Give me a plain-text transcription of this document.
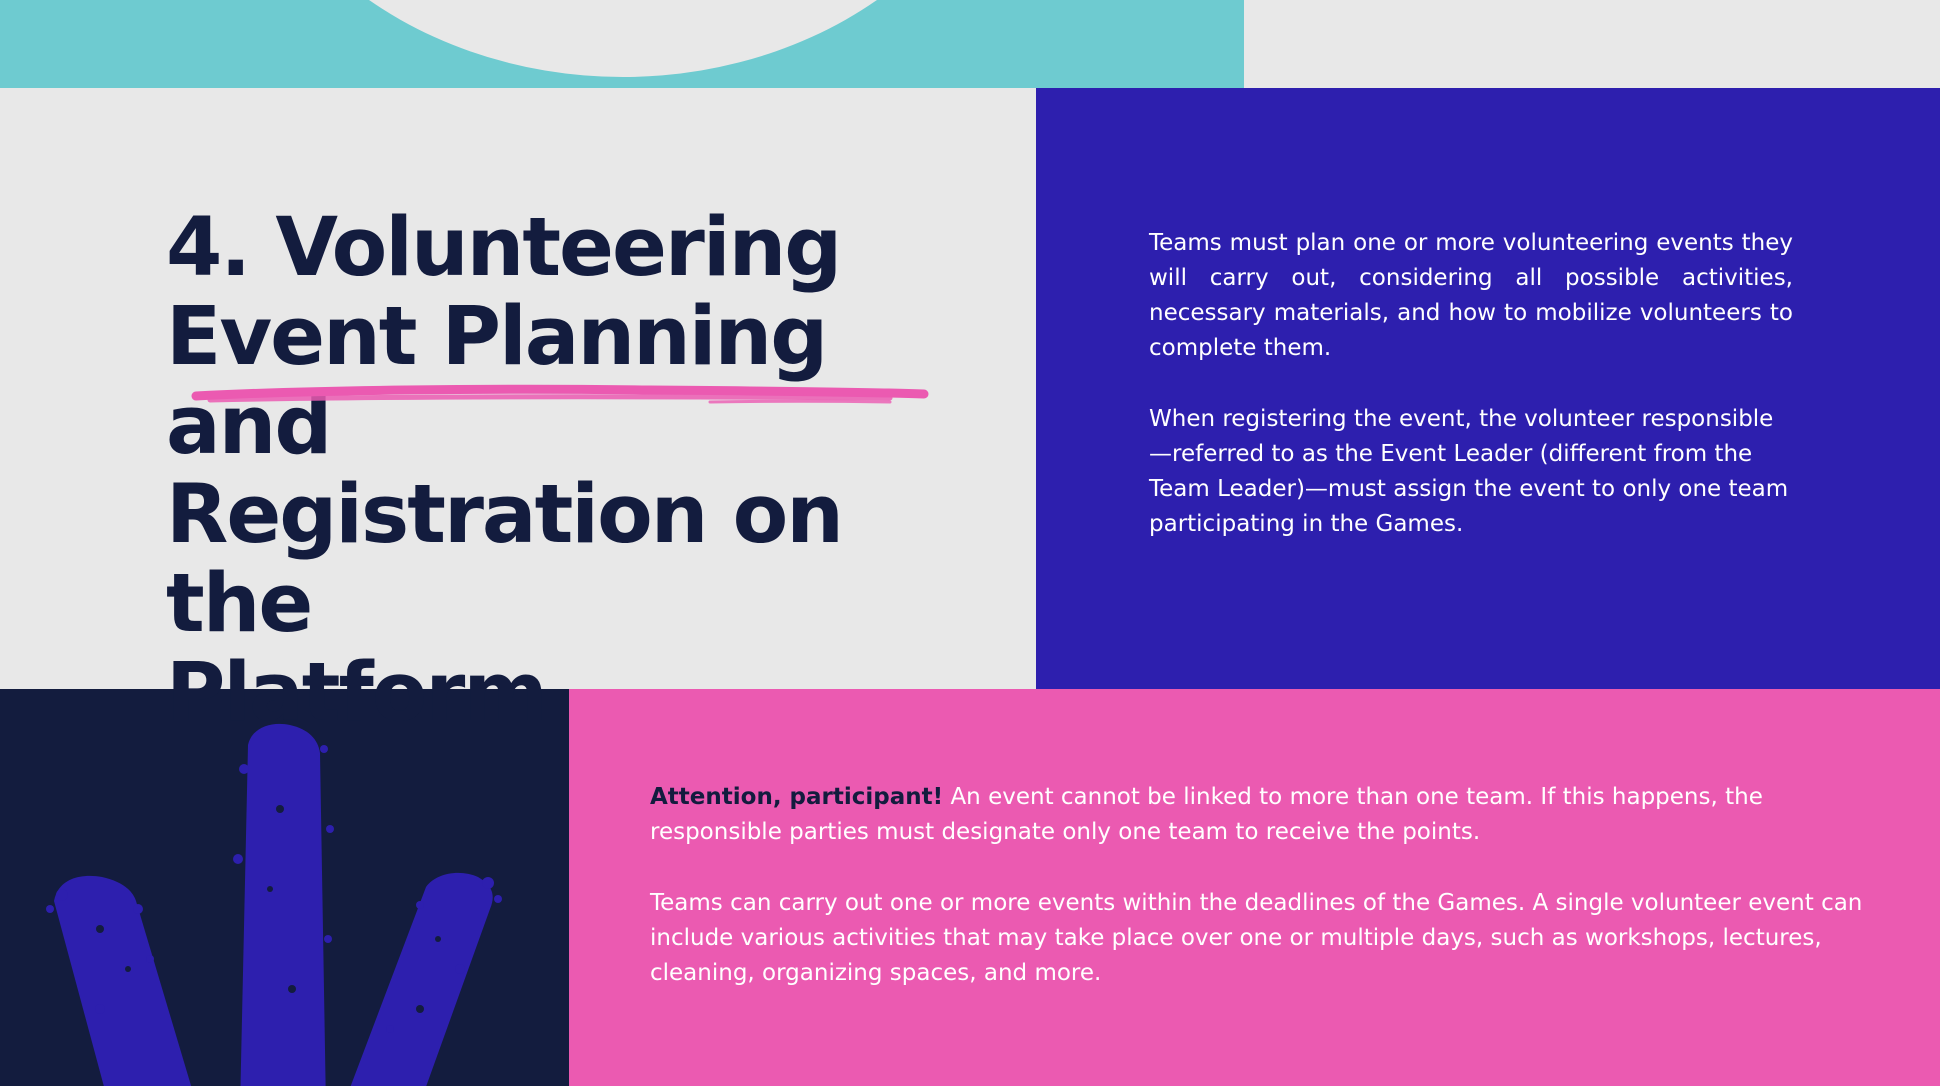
4. Volunteering
Event Planning and
Registration on the
Platform

Teams must plan one or more volunteering events they will carry out, considering all possible activities, necessary materials, and how to mobilize volunteers to complete them.

When registering the event, the volunteer responsible—referred to as the Event Leader (different from the Team Leader)—must assign the event to only one team participating in the Games.

Attention, participant! An event cannot be linked to more than one team. If this happens, the responsible parties must designate only one team to receive the points.

Teams can carry out one or more events within the deadlines of the Games. A single volunteer event can include various activities that may take place over one or multiple days, such as workshops, lectures, cleaning, organizing spaces, and more.
